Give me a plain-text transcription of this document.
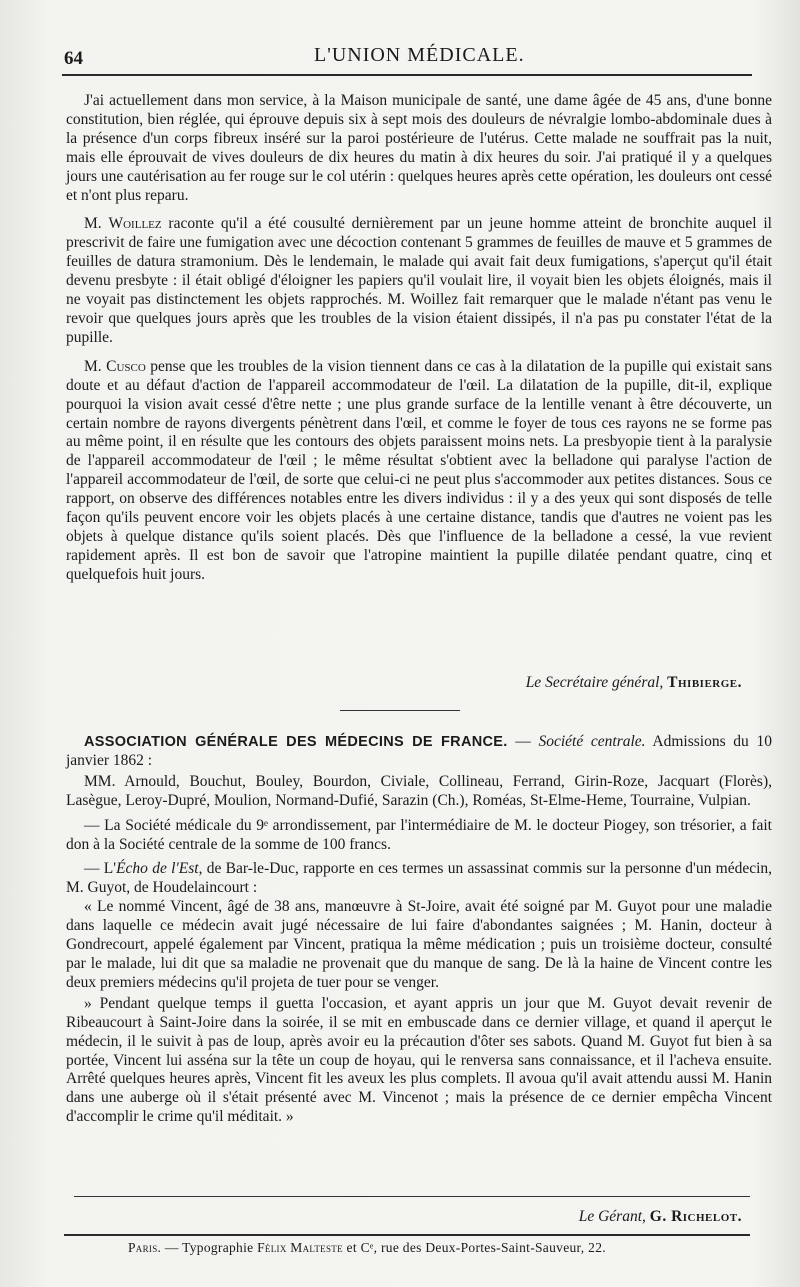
64	L'UNION MÉDICALE.

J'ai actuellement dans mon service, à la Maison municipale de santé, une dame âgée de 45 ans, d'une bonne constitution, bien réglée, qui éprouve depuis six à sept mois des douleurs de névralgie lombo-abdominale dues à la présence d'un corps fibreux inséré sur la paroi postérieure de l'utérus. Cette malade ne souffrait pas la nuit, mais elle éprouvait de vives douleurs de dix heures du matin à dix heures du soir. J'ai pratiqué il y a quelques jours une cautérisation au fer rouge sur le col utérin : quelques heures après cette opération, les douleurs ont cessé et n'ont plus reparu.

M. Woillez raconte qu'il a été cousulté dernièrement par un jeune homme atteint de bronchite auquel il prescrivit de faire une fumigation avec une décoction contenant 5 grammes de feuilles de mauve et 5 grammes de feuilles de datura stramonium. Dès le lendemain, le malade qui avait fait deux fumigations, s'aperçut qu'il était devenu presbyte : il était obligé d'éloigner les papiers qu'il voulait lire, il voyait bien les objets éloignés, mais il ne voyait pas distinctement les objets rapprochés. M. Woillez fait remarquer que le malade n'étant pas venu le revoir que quelques jours après que les troubles de la vision étaient dissipés, il n'a pas pu constater l'état de la pupille.

M. Cusco pense que les troubles de la vision tiennent dans ce cas à la dilatation de la pupille qui existait sans doute et au défaut d'action de l'appareil accommodateur de l'œil. La dilatation de la pupille, dit-il, explique pourquoi la vision avait cessé d'être nette ; une plus grande surface de la lentille venant à être découverte, un certain nombre de rayons divergents pénètrent dans l'œil, et comme le foyer de tous ces rayons ne se forme pas au même point, il en résulte que les contours des objets paraissent moins nets. La presbyopie tient à la paralysie de l'appareil accommodateur de l'œil ; le même résultat s'obtient avec la belladone qui paralyse l'action de l'appareil accommodateur de l'œil, de sorte que celui-ci ne peut plus s'accommoder aux petites distances. Sous ce rapport, on observe des différences notables entre les divers individus : il y a des yeux qui sont disposés de telle façon qu'ils peuvent encore voir les objets placés à une certaine distance, tandis que d'autres ne voient pas les objets à quelque distance qu'ils soient placés. Dès que l'influence de la belladone a cessé, la vue revient rapidement après. Il est bon de savoir que l'atropine maintient la pupille dilatée pendant quatre, cinq et quelquefois huit jours.

Le Secrétaire général, Thibierge.

ASSOCIATION GÉNÉRALE DES MÉDECINS DE FRANCE. — Société centrale. Admissions du 10 janvier 1862 :

MM. Arnould, Bouchut, Bouley, Bourdon, Civiale, Collineau, Ferrand, Girin-Roze, Jacquart (Florès), Lasègue, Leroy-Dupré, Moulion, Normand-Dufié, Sarazin (Ch.), Roméas, St-Elme-Heme, Tourraine, Vulpian.

— La Société médicale du 9ᵉ arrondissement, par l'intermédiaire de M. le docteur Piogey, son trésorier, a fait don à la Société centrale de la somme de 100 francs.

— L'Écho de l'Est, de Bar-le-Duc, rapporte en ces termes un assassinat commis sur la personne d'un médecin, M. Guyot, de Houdelaincourt :

« Le nommé Vincent, âgé de 38 ans, manœuvre à St-Joire, avait été soigné par M. Guyot pour une maladie dans laquelle ce médecin avait jugé nécessaire de lui faire d'abondantes saignées ; M. Hanin, docteur à Gondrecourt, appelé également par Vincent, pratiqua la même médication ; puis un troisième docteur, consulté par le malade, lui dit que sa maladie ne provenait que du manque de sang. De là la haine de Vincent contre les deux premiers médecins qu'il projeta de tuer pour se venger.

» Pendant quelque temps il guetta l'occasion, et ayant appris un jour que M. Guyot devait revenir de Ribeaucourt à Saint-Joire dans la soirée, il se mit en embuscade dans ce dernier village, et quand il aperçut le médecin, il le suivit à pas de loup, après avoir eu la précaution d'ôter ses sabots. Quand M. Guyot fut bien à sa portée, Vincent lui asséna sur la tête un coup de hoyau, qui le renversa sans connaissance, et il l'acheva ensuite. Arrêté quelques heures après, Vincent fit les aveux les plus complets. Il avoua qu'il avait attendu aussi M. Hanin dans une auberge où il s'était présenté avec M. Vincenot ; mais la présence de ce dernier empêcha Vincent d'accomplir le crime qu'il méditait. »

Le Gérant, G. Richelot.
Paris. — Typographie Félix Malteste et Cᵉ, rue des Deux-Portes-Saint-Sauveur, 22.
